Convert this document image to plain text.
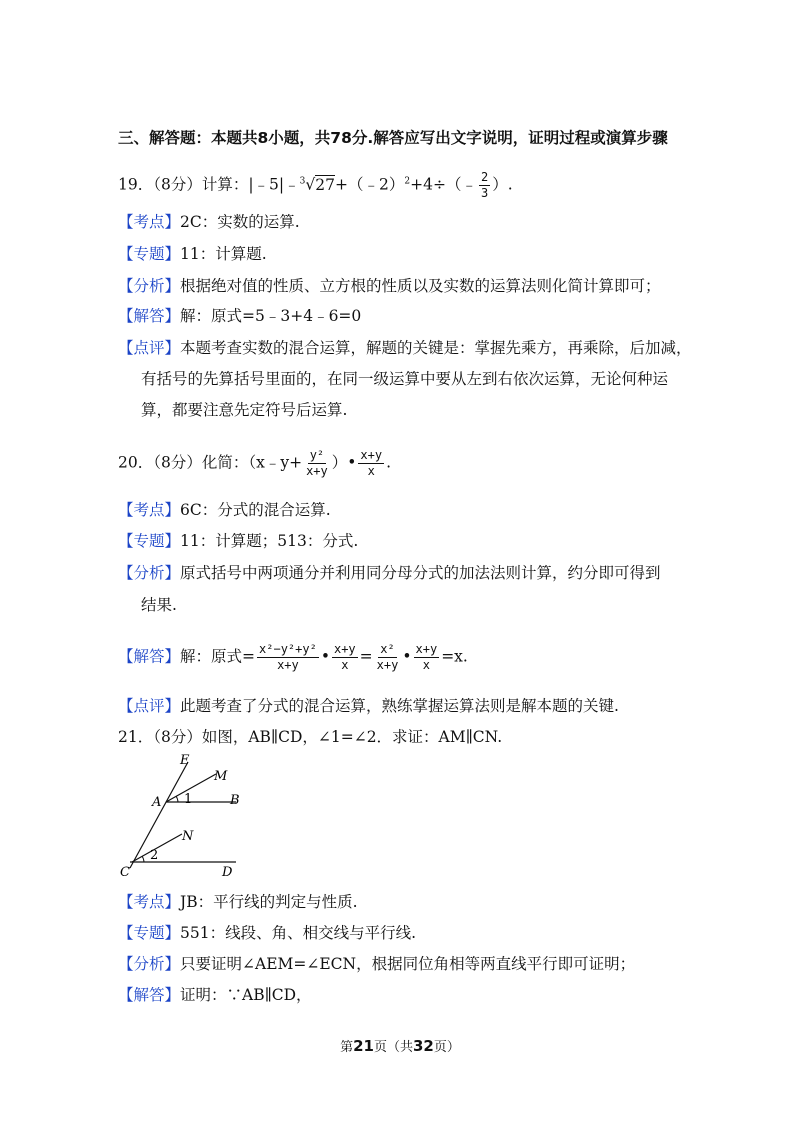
三、解答题：本题共8小题，共78分.解答应写出文字说明，证明过程或演算步骤
19．（8分）计算：|﹣5|﹣$^3$√27+（﹣2）$^2$+4÷（﹣ $\frac{2}{3}$ ）.
【考点】2C：实数的运算.
【专题】11：计算题.
【分析】根据绝对值的性质、立方根的性质以及实数的运算法则化简计算即可；
【解答】解：原式=5﹣3+4﹣6=0
【点评】本题考查实数的混合运算，解题的关键是：掌握先乘方，再乘除，后加减，
有括号的先算括号里面的，在同一级运算中要从左到右依次运算，无论何种运
算，都要注意先定符号后运算.
20．（8分）化简：（x﹣y+ $\frac{\text{y²}}{x+y}$ ）• $\frac{x+y}{x}$ .
【考点】6C：分式的混合运算.
【专题】11：计算题；513：分式.
【分析】原式括号中两项通分并利用同分母分式的加法法则计算，约分即可得到
结果.
【解答】解：原式= $\frac{\text{x²−y²+y²}}{x+y}$ • $\frac{x+y}{x} = \frac{\text{x²}}{x+y}$ • $\frac{x+y}{x} =x$.
【点评】此题考查了分式的混合运算，熟练掌握运算法则是解本题的关键.
21．（8分）如图，AB∥CD，∠1=∠2．求证：AM∥CN.
E
M
A 1	B
N
2
C	D
【考点】JB：平行线的判定与性质.
【专题】551：线段、角、相交线与平行线.
【分析】只要证明∠AEM=∠ECN，根据同位角相等两直线平行即可证明；
【解答】证明：∵AB∥CD，
第21页（共32页）
